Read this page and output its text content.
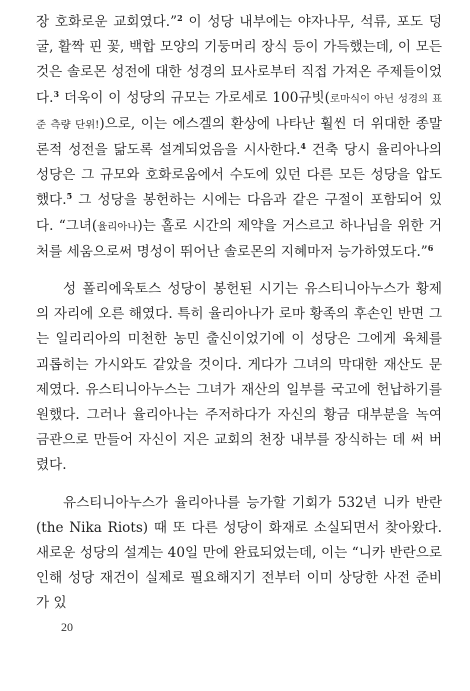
장 호화로운 교회였다.”$^2$ 이 성당 내부에는 야자나무, 석류, 포도 덩굴, 활짝 핀 꽃, 백합 모양의 기둥머리 장식 등이 가득했는데, 이 모든 것은 솔로몬 성전에 대한 성경의 묘사로부터 직접 가져온 주제들이었다.$^3$ 더욱이 이 성당의 규모는 가로세로 100규빗(로마식이 아닌 성경의 표준 측량 단위!)으로, 이는 에스겔의 환상에 나타난 훨씬 더 위대한 종말론적 성전을 닮도록 설계되었음을 시사한다.$^4$ 건축 당시 율리아나의 성당은 그 규모와 호화로움에서 수도에 있던 다른 모든 성당을 압도했다.$^5$ 그 성당을 봉헌하는 시에는 다음과 같은 구절이 포함되어 있다. “그녀(율리아나)는 홀로 시간의 제약을 거스르고 하나님을 위한 거처를 세움으로써 명성이 뛰어난 솔로몬의 지혜마저 능가하였도다.”$^6$

성 폴리에욱토스 성당이 봉헌된 시기는 유스티니아누스가 황제의 자리에 오른 해였다. 특히 율리아나가 로마 황족의 후손인 반면 그는 일리리아의 미천한 농민 출신이었기에 이 성당은 그에게 육체를 괴롭히는 가시와도 같았을 것이다. 게다가 그녀의 막대한 재산도 문제였다. 유스티니아누스는 그녀가 재산의 일부를 국고에 헌납하기를 원했다. 그러나 율리아나는 주저하다가 자신의 황금 대부분을 녹여 금관으로 만들어 자신이 지은 교회의 천장 내부를 장식하는 데 써 버렸다.

유스티니아누스가 율리아나를 능가할 기회가 532년 니카 반란(the Nika Riots) 때 또 다른 성당이 화재로 소실되면서 찾아왔다. 새로운 성당의 설계는 40일 만에 완료되었는데, 이는 “니카 반란으로 인해 성당 재건이 실제로 필요해지기 전부터 이미 상당한 사전 준비가 있

20
